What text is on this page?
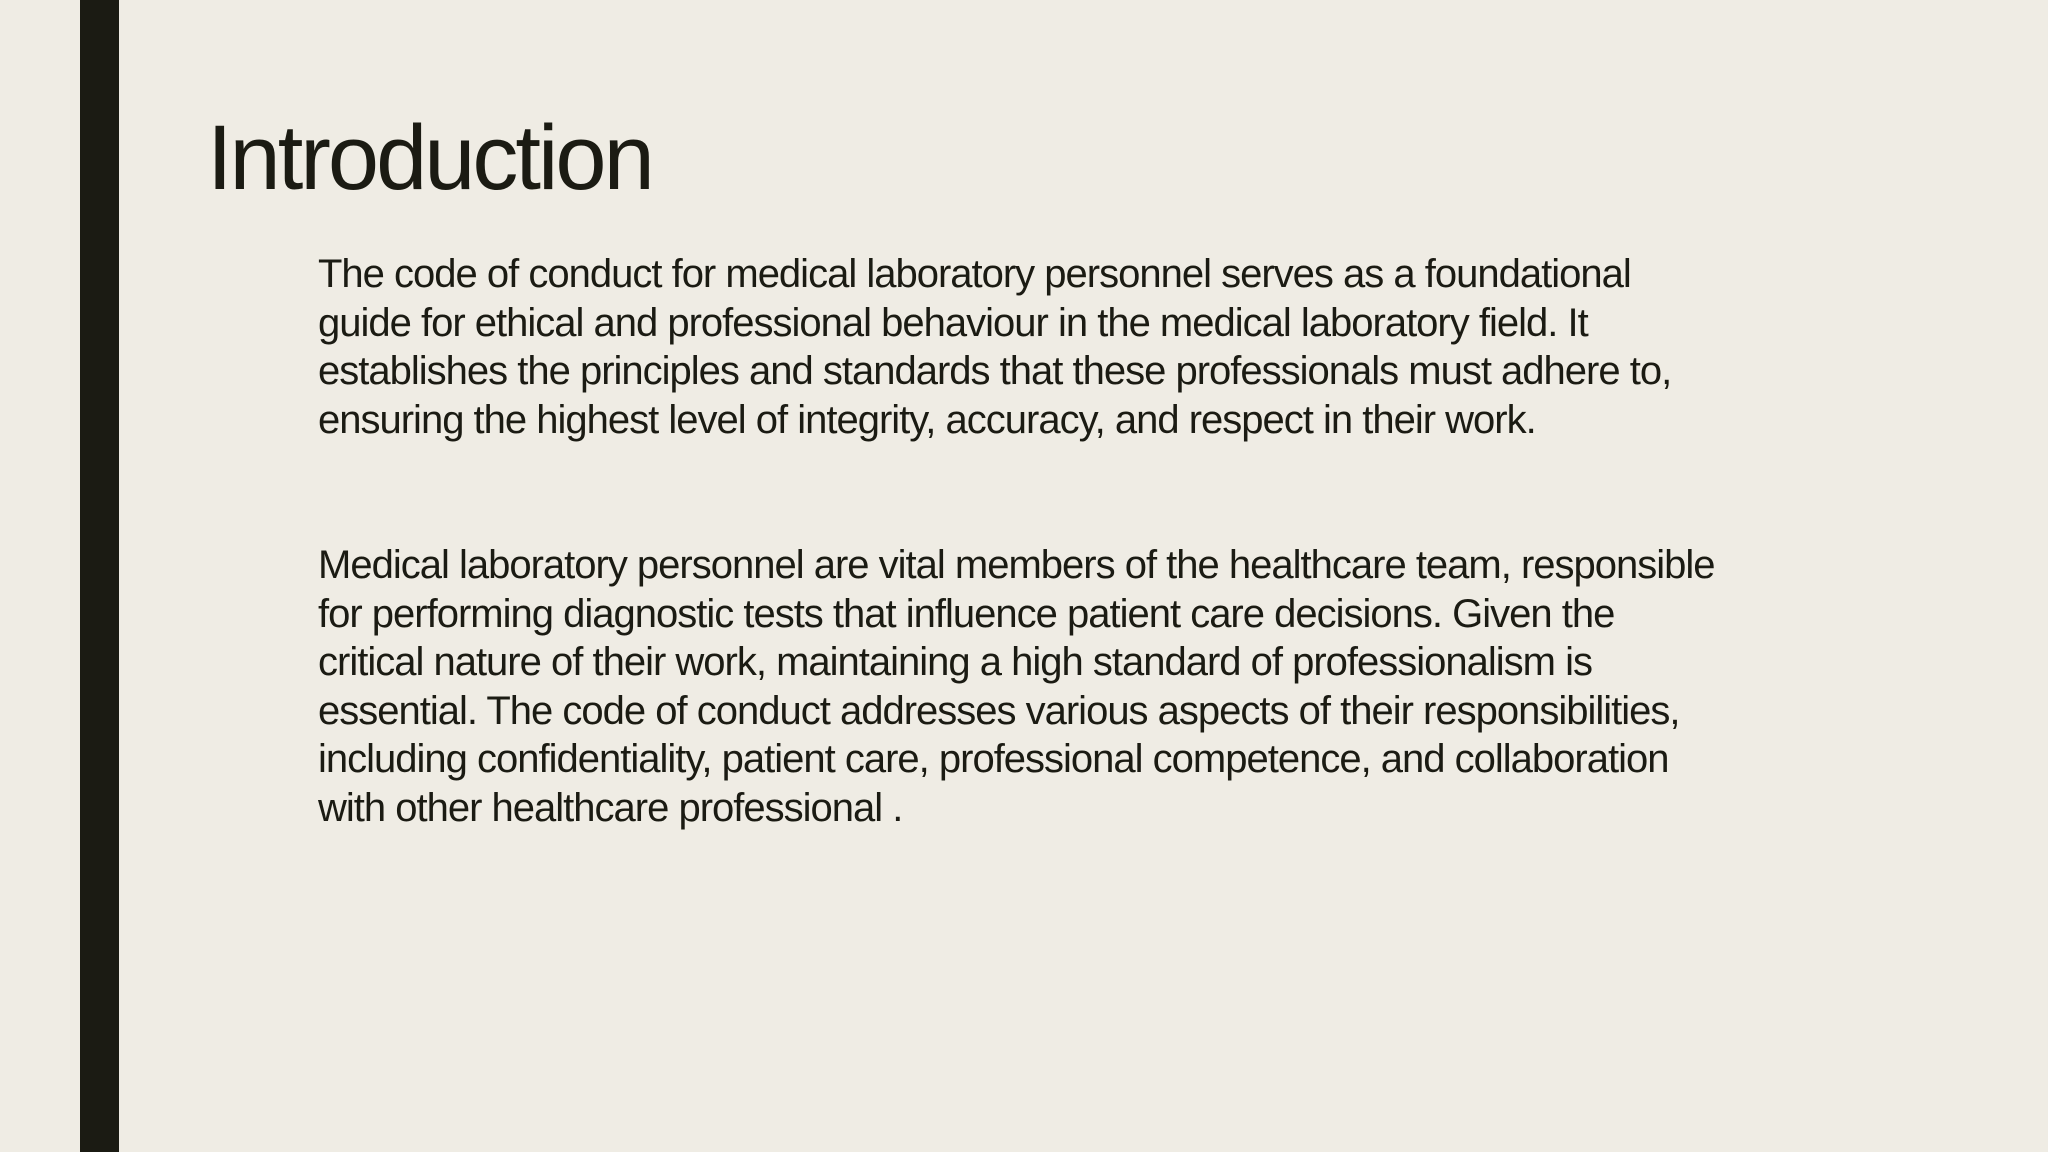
Introduction

The code of conduct for medical laboratory personnel serves as a foundational
guide for ethical and professional behaviour in the medical laboratory field. It
establishes the principles and standards that these professionals must adhere to,
ensuring the highest level of integrity, accuracy, and respect in their work.

Medical laboratory personnel are vital members of the healthcare team, responsible
for performing diagnostic tests that influence patient care decisions. Given the
critical nature of their work, maintaining a high standard of professionalism is
essential. The code of conduct addresses various aspects of their responsibilities,
including confidentiality, patient care, professional competence, and collaboration
with other healthcare professional .
